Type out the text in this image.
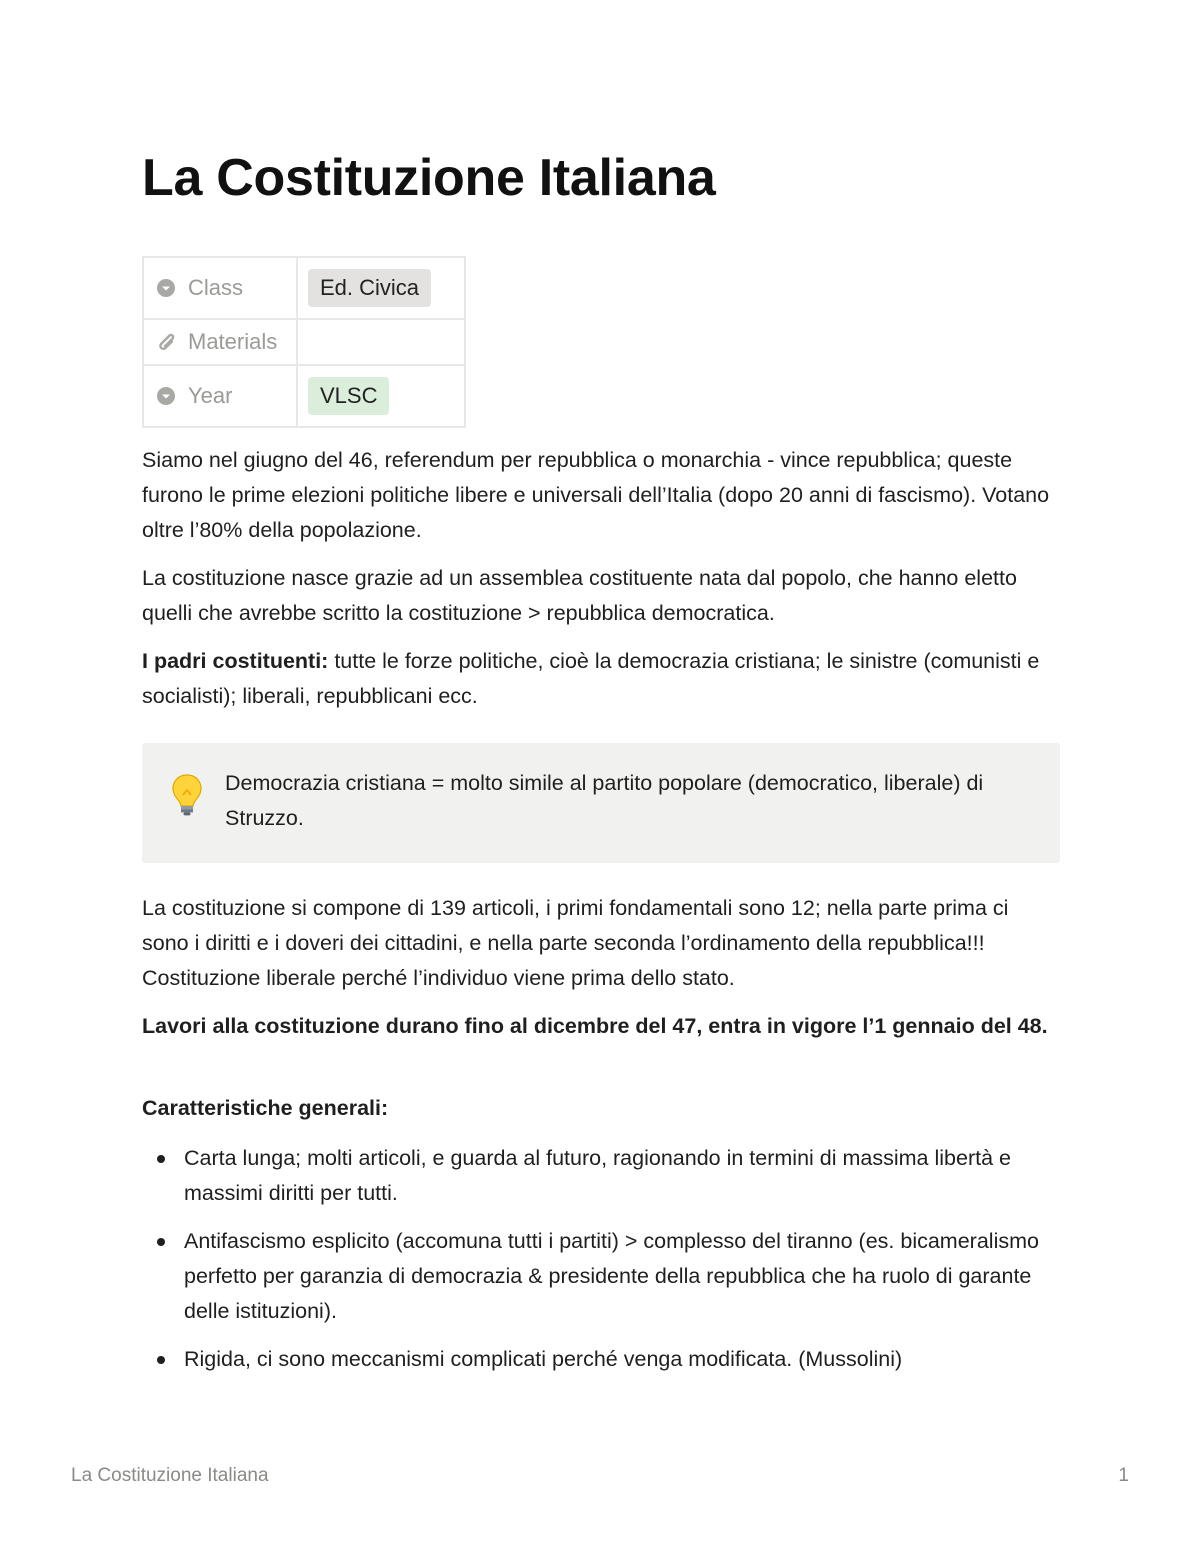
La Costituzione Italiana
Class	Ed. Civica

Materials	

Year	VLSC

Siamo nel giugno del 46, referendum per repubblica o monarchia - vince repubblica; queste furono le prime elezioni politiche libere e universali dell’Italia (dopo 20 anni di fascismo). Votano oltre l’80% della popolazione.

La costituzione nasce grazie ad un assemblea costituente nata dal popolo, che hanno eletto quelli che avrebbe scritto la costituzione > repubblica democratica.

I padri costituenti: tutte le forze politiche, cioè la democrazia cristiana; le sinistre (comunisti e socialisti); liberali, repubblicani ecc.

Democrazia cristiana = molto simile al partito popolare (democratico, liberale) di Struzzo.

La costituzione si compone di 139 articoli, i primi fondamentali sono 12; nella parte prima ci sono i diritti e i doveri dei cittadini, e nella parte seconda l’ordinamento della repubblica!!! Costituzione liberale perché l’individuo viene prima dello stato.

Lavori alla costituzione durano fino al dicembre del 47, entra in vigore l’1 gennaio del 48.

Caratteristiche generali:

Carta lunga; molti articoli, e guarda al futuro, ragionando in termini di massima libertà e massimi diritti per tutti.
Antifascismo esplicito (accomuna tutti i partiti) > complesso del tiranno (es. bicameralismo perfetto per garanzia di democrazia & presidente della repubblica che ha ruolo di garante delle istituzioni).
Rigida, ci sono meccanismi complicati perché venga modificata. (Mussolini)
La Costituzione Italiana	1
